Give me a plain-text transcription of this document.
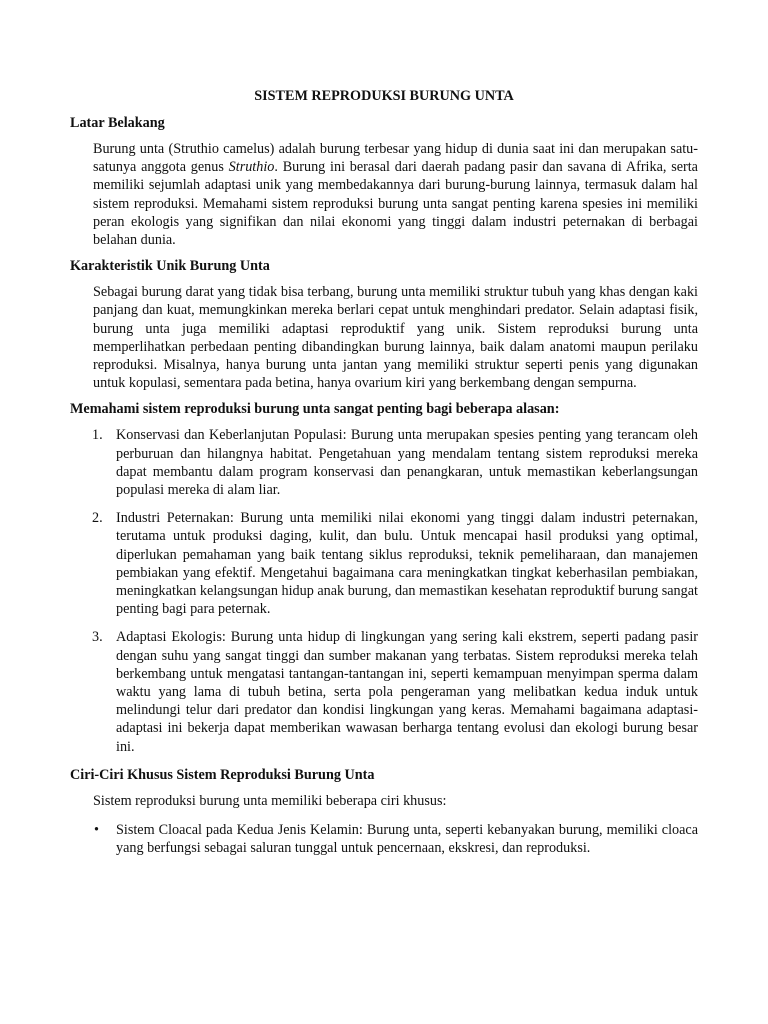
SISTEM REPRODUKSI BURUNG UNTA
Latar Belakang

Burung unta (Struthio camelus) adalah burung terbesar yang hidup di dunia saat ini dan merupakan satu-satunya anggota genus Struthio. Burung ini berasal dari daerah padang pasir dan savana di Afrika, serta memiliki sejumlah adaptasi unik yang membedakannya dari burung-burung lainnya, termasuk dalam hal sistem reproduksi. Memahami sistem reproduksi burung unta sangat penting karena spesies ini memiliki peran ekologis yang signifikan dan nilai ekonomi yang tinggi dalam industri peternakan di berbagai belahan dunia.

Karakteristik Unik Burung Unta

Sebagai burung darat yang tidak bisa terbang, burung unta memiliki struktur tubuh yang khas dengan kaki panjang dan kuat, memungkinkan mereka berlari cepat untuk menghindari predator. Selain adaptasi fisik, burung unta juga memiliki adaptasi reproduktif yang unik. Sistem reproduksi burung unta memperlihatkan perbedaan penting dibandingkan burung lainnya, baik dalam anatomi maupun perilaku reproduksi. Misalnya, hanya burung unta jantan yang memiliki struktur seperti penis yang digunakan untuk kopulasi, sementara pada betina, hanya ovarium kiri yang berkembang dengan sempurna.

Memahami sistem reproduksi burung unta sangat penting bagi beberapa alasan:
1. Konservasi dan Keberlanjutan Populasi: Burung unta merupakan spesies penting yang terancam oleh perburuan dan hilangnya habitat. Pengetahuan yang mendalam tentang sistem reproduksi mereka dapat membantu dalam program konservasi dan penangkaran, untuk memastikan keberlangsungan populasi mereka di alam liar.
2. Industri Peternakan: Burung unta memiliki nilai ekonomi yang tinggi dalam industri peternakan, terutama untuk produksi daging, kulit, dan bulu. Untuk mencapai hasil produksi yang optimal, diperlukan pemahaman yang baik tentang siklus reproduksi, teknik pemeliharaan, dan manajemen pembiakan yang efektif. Mengetahui bagaimana cara meningkatkan tingkat keberhasilan pembiakan, meningkatkan kelangsungan hidup anak burung, dan memastikan kesehatan reproduktif burung sangat penting bagi para peternak.
3. Adaptasi Ekologis: Burung unta hidup di lingkungan yang sering kali ekstrem, seperti padang pasir dengan suhu yang sangat tinggi dan sumber makanan yang terbatas. Sistem reproduksi mereka telah berkembang untuk mengatasi tantangan-tantangan ini, seperti kemampuan menyimpan sperma dalam waktu yang lama di tubuh betina, serta pola pengeraman yang melibatkan kedua induk untuk melindungi telur dari predator dan kondisi lingkungan yang keras. Memahami bagaimana adaptasi-adaptasi ini bekerja dapat memberikan wawasan berharga tentang evolusi dan ekologi burung besar ini.
Ciri-Ciri Khusus Sistem Reproduksi Burung Unta

Sistem reproduksi burung unta memiliki beberapa ciri khusus:

• Sistem Cloacal pada Kedua Jenis Kelamin: Burung unta, seperti kebanyakan burung, memiliki cloaca yang berfungsi sebagai saluran tunggal untuk pencernaan, ekskresi, dan reproduksi.
